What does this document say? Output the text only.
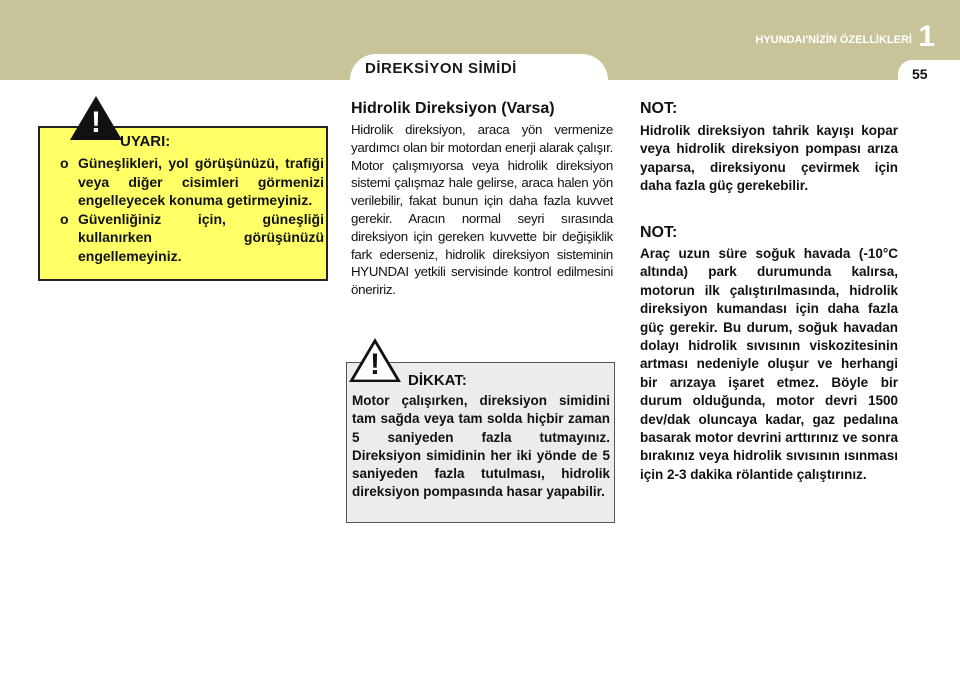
DİREKSİYON SİMİDİ
HYUNDAI'NİZİN ÖZELLİKLERİ 1
55
!
UYARI:
o Güneşlikleri, yol görüşünüzü, trafiği veya diğer cisimleri görmenizi engelleyecek konuma getirmeyiniz.
o Güvenliğiniz için, güneşliği kullanırken görüşünüzü engellemeyiniz.
Hidrolik Direksiyon (Varsa)
Hidrolik direksiyon, araca yön vermenize yardımcı olan bir motordan enerji alarak çalışır. Motor çalışmıyorsa veya hidrolik direksiyon sistemi çalışmaz hale gelirse, araca halen yön verilebilir, fakat bunun için daha fazla kuvvet gerekir. Aracın normal seyri sırasında direksiyon için gereken kuvvette bir değişiklik fark ederseniz, hidrolik direksiyon sisteminin HYUNDAI yetkili servisinde kontrol edilmesini öneririz.
!	DİKKAT:
Motor çalışırken, direksiyon simidini tam sağda veya tam solda hiçbir zaman 5 saniyeden fazla tutmayınız. Direksiyon simidinin her iki yönde de 5 saniyeden fazla tutulması, hidrolik direksiyon pompasında hasar yapabilir.
NOT:
Hidrolik direksiyon tahrik kayışı kopar veya hidrolik direksiyon pompası arıza yaparsa, direksiyonu çevirmek için daha fazla güç gerekebilir.
NOT:
Araç uzun süre soğuk havada (-10°C altında) park durumunda kalırsa, motorun ilk çalıştırılmasında, hidrolik direksiyon kumandası için daha fazla güç gerekir. Bu durum, soğuk havadan dolayı hidrolik sıvısının viskozitesinin artması nedeniyle oluşur ve herhangi bir arızaya işaret etmez. Böyle bir durum olduğunda, motor devri 1500 dev/dak oluncaya kadar, gaz pedalına basarak motor devrini arttırınız ve sonra bırakınız veya hidrolik sıvısının ısınması için 2-3 dakika rölantide çalıştırınız.
